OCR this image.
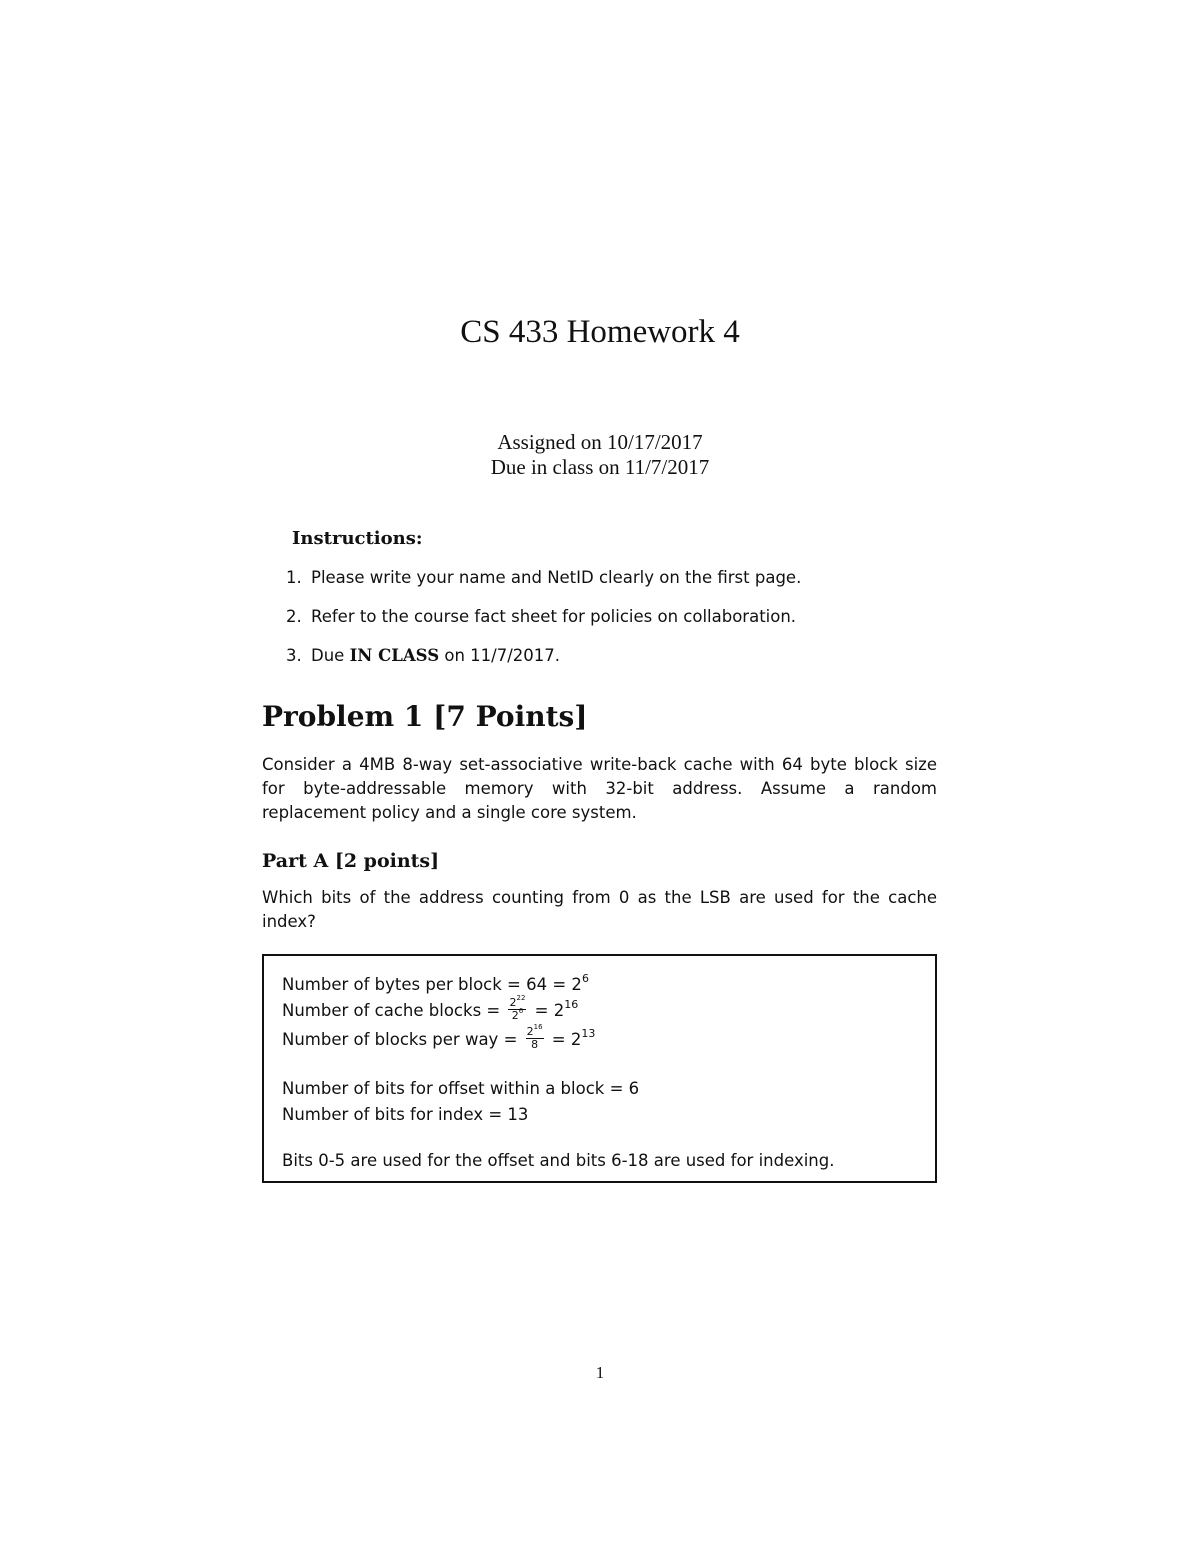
CS 433 Homework 4
Assigned on 10/17/2017
Due in class on 11/7/2017
Instructions:
1. Please write your name and NetID clearly on the first page.
2. Refer to the course fact sheet for policies on collaboration.
3. Due IN CLASS on 11/7/2017.
Problem 1 [7 Points]
Consider a 4MB 8-way set-associative write-back cache with 64 byte block size for byte-addressable memory with 32-bit address. Assume a random replacement policy and a single core system.
Part A [2 points]
Which bits of the address counting from 0 as the LSB are used for the cache index?
Number of bytes per block = $64 = 2^6$
Number of cache blocks = $\frac{2^{22}}{2^6} = 2^{16}$
Number of blocks per way = $\frac{2^{16}}{8} = 2^{13}$
Number of bits for offset within a block = 6
Number of bits for index = 13
Bits 0-5 are used for the offset and bits 6-18 are used for indexing.
1
